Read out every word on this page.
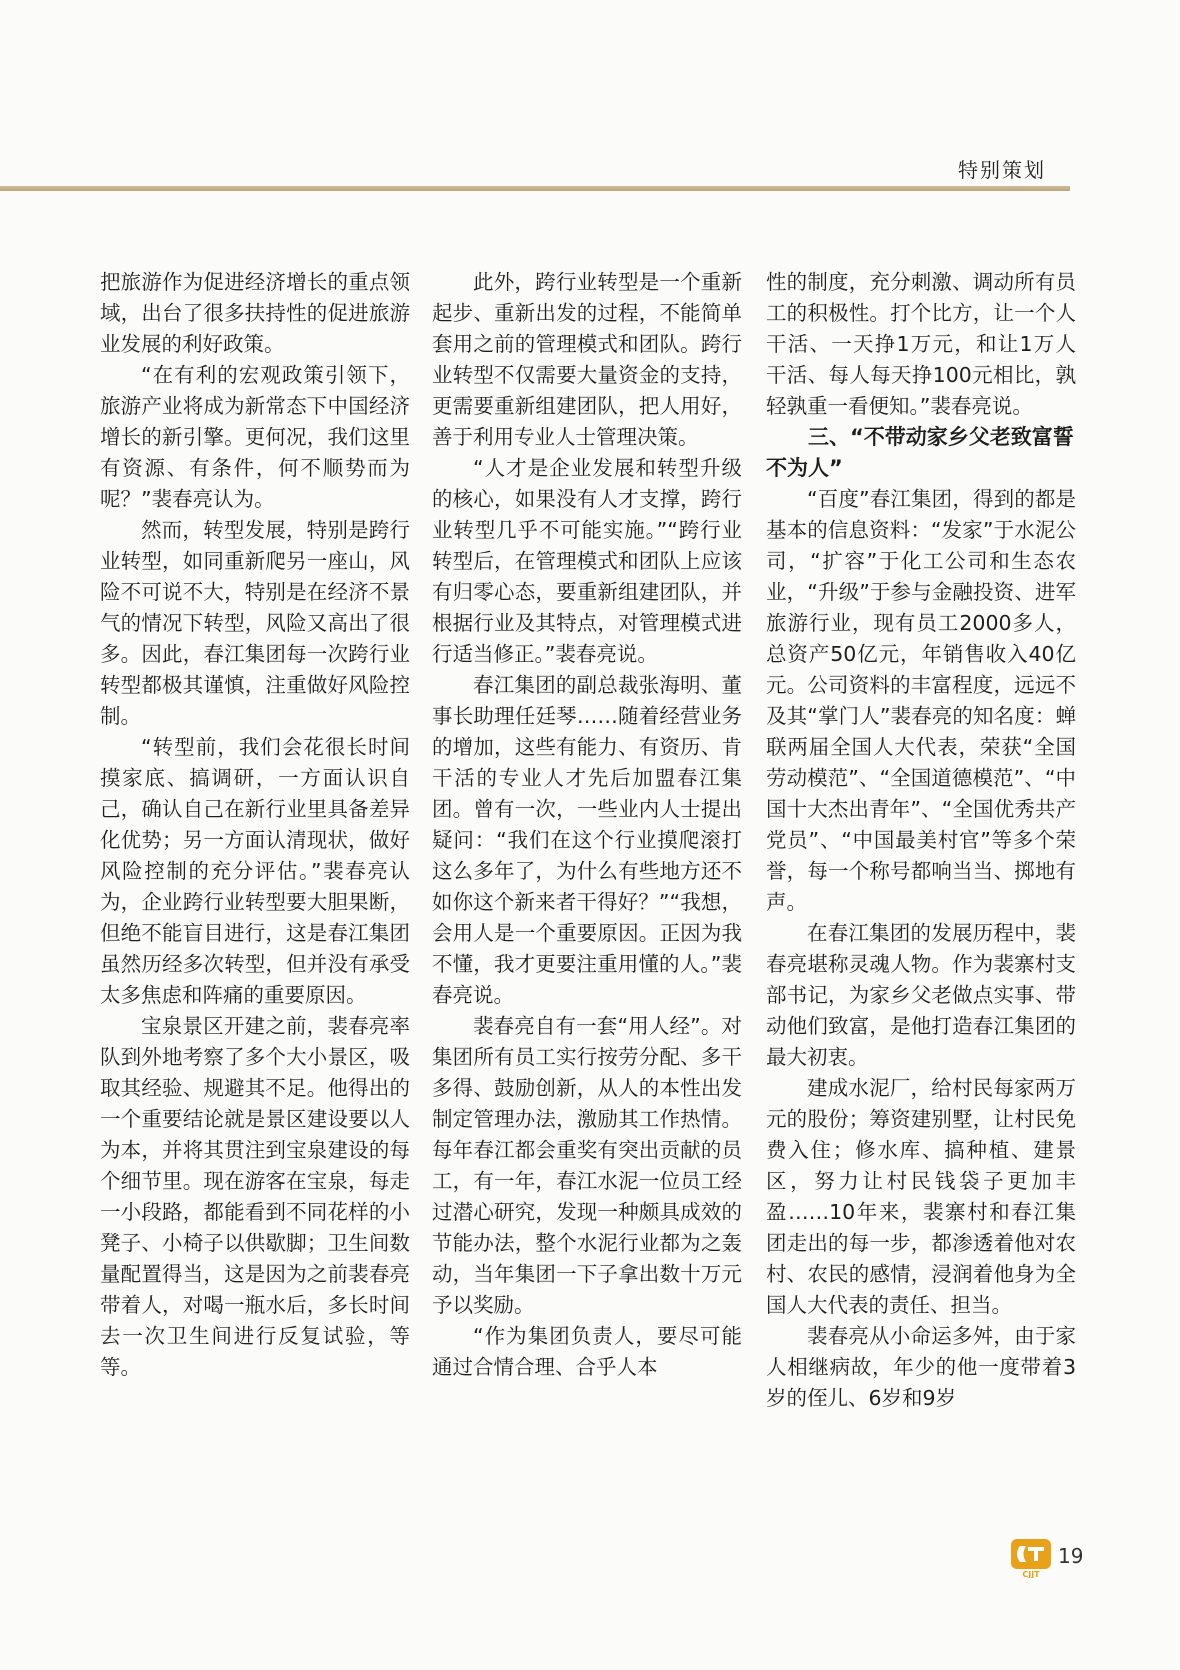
特别策划

把旅游作为促进经济增长的重点领域，出台了很多扶持性的促进旅游业发展的利好政策。

“在有利的宏观政策引领下，旅游产业将成为新常态下中国经济增长的新引擎。更何况，我们这里有资源、有条件，何不顺势而为呢？”裴春亮认为。

然而，转型发展，特别是跨行业转型，如同重新爬另一座山，风险不可说不大，特别是在经济不景气的情况下转型，风险又高出了很多。因此，春江集团每一次跨行业转型都极其谨慎，注重做好风险控制。

“转型前，我们会花很长时间摸家底、搞调研，一方面认识自己，确认自己在新行业里具备差异化优势；另一方面认清现状，做好风险控制的充分评估。”裴春亮认为，企业跨行业转型要大胆果断，但绝不能盲目进行，这是春江集团虽然历经多次转型，但并没有承受太多焦虑和阵痛的重要原因。

宝泉景区开建之前，裴春亮率队到外地考察了多个大小景区，吸取其经验、规避其不足。他得出的一个重要结论就是景区建设要以人为本，并将其贯注到宝泉建设的每个细节里。现在游客在宝泉，每走一小段路，都能看到不同花样的小凳子、小椅子以供歇脚；卫生间数量配置得当，这是因为之前裴春亮带着人，对喝一瓶水后，多长时间去一次卫生间进行反复试验，等等。

此外，跨行业转型是一个重新起步、重新出发的过程，不能简单套用之前的管理模式和团队。跨行业转型不仅需要大量资金的支持，更需要重新组建团队，把人用好，善于利用专业人士管理决策。

“人才是企业发展和转型升级的核心，如果没有人才支撑，跨行业转型几乎不可能实施。”“跨行业转型后，在管理模式和团队上应该有归零心态，要重新组建团队，并根据行业及其特点，对管理模式进行适当修正。”裴春亮说。

春江集团的副总裁张海明、董事长助理任廷琴……随着经营业务的增加，这些有能力、有资历、肯干活的专业人才先后加盟春江集团。曾有一次，一些业内人士提出疑问：“我们在这个行业摸爬滚打这么多年了，为什么有些地方还不如你这个新来者干得好？”“我想，会用人是一个重要原因。正因为我不懂，我才更要注重用懂的人。”裴春亮说。

裴春亮自有一套“用人经”。对集团所有员工实行按劳分配、多干多得、鼓励创新，从人的本性出发制定管理办法，激励其工作热情。每年春江都会重奖有突出贡献的员工，有一年，春江水泥一位员工经过潜心研究，发现一种颇具成效的节能办法，整个水泥行业都为之轰动，当年集团一下子拿出数十万元予以奖励。

“作为集团负责人，要尽可能通过合情合理、合乎人本

性的制度，充分刺激、调动所有员工的积极性。打个比方，让一个人干活、一天挣1万元，和让1万人干活、每人每天挣100元相比，孰轻孰重一看便知。”裴春亮说。

三、“不带动家乡父老致富誓不为人”

“百度”春江集团，得到的都是基本的信息资料：“发家”于水泥公司，“扩容”于化工公司和生态农业，“升级”于参与金融投资、进军旅游行业，现有员工2000多人，总资产50亿元，年销售收入40亿元。公司资料的丰富程度，远远不及其“掌门人”裴春亮的知名度：蝉联两届全国人大代表，荣获“全国劳动模范”、“全国道德模范”、“中国十大杰出青年”、“全国优秀共产党员”、“中国最美村官”等多个荣誉，每一个称号都响当当、掷地有声。

在春江集团的发展历程中，裴春亮堪称灵魂人物。作为裴寨村支部书记，为家乡父老做点实事、带动他们致富，是他打造春江集团的最大初衷。

建成水泥厂，给村民每家两万元的股份；筹资建别墅，让村民免费入住；修水库、搞种植、建景区，努力让村民钱袋子更加丰盈……10年来，裴寨村和春江集团走出的每一步，都渗透着他对农村、农民的感情，浸润着他身为全国人大代表的责任、担当。

裴春亮从小命运多舛，由于家人相继病故，年少的他一度带着3岁的侄儿、6岁和9岁

CJJT
19
